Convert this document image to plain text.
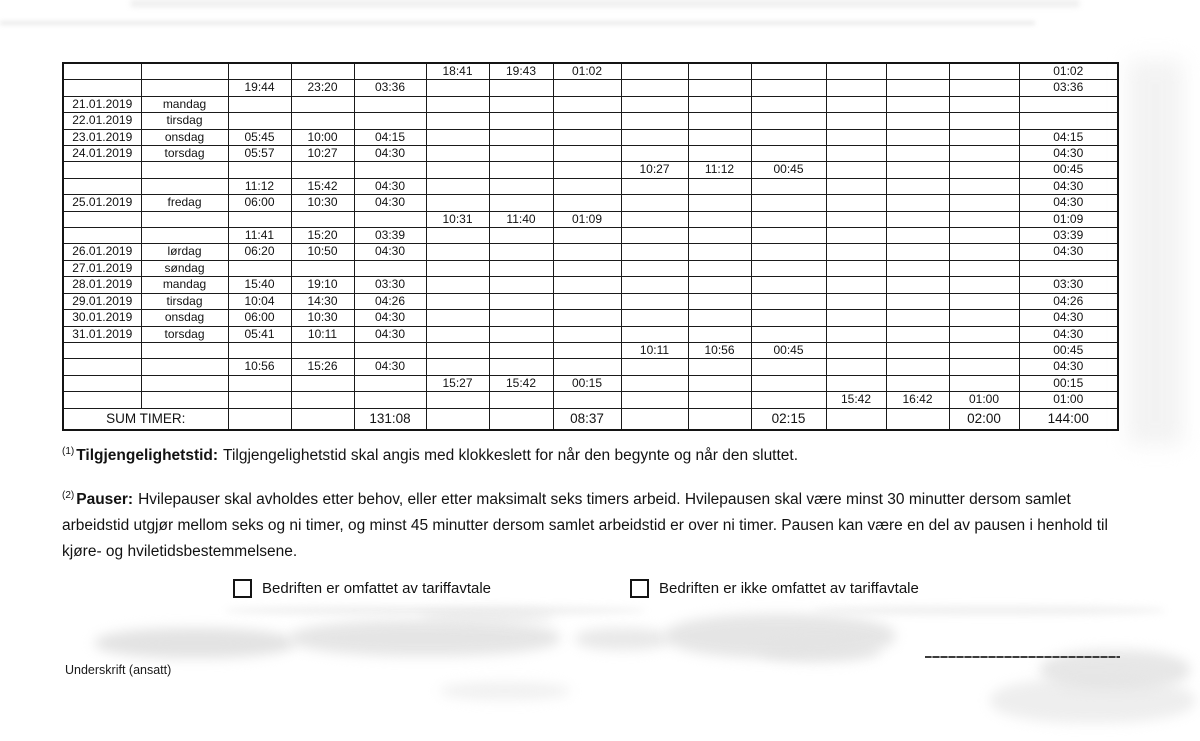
					18:41	19:43	01:02							01:02
		19:44	23:20	03:36										03:36
21.01.2019	mandag													
22.01.2019	tirsdag													
23.01.2019	onsdag	05:45	10:00	04:15										04:15
24.01.2019	torsdag	05:57	10:27	04:30										04:30
								10:27	11:12	00:45				00:45
		11:12	15:42	04:30										04:30
25.01.2019	fredag	06:00	10:30	04:30										04:30
					10:31	11:40	01:09							01:09
		11:41	15:20	03:39										03:39
26.01.2019	lørdag	06:20	10:50	04:30										04:30
27.01.2019	søndag													
28.01.2019	mandag	15:40	19:10	03:30										03:30
29.01.2019	tirsdag	10:04	14:30	04:26										04:26
30.01.2019	onsdag	06:00	10:30	04:30										04:30
31.01.2019	torsdag	05:41	10:11	04:30										04:30
								10:11	10:56	00:45				00:45
		10:56	15:26	04:30										04:30
					15:27	15:42	00:15							00:15
											15:42	16:42	01:00	01:00
SUM TIMER:				131:08			08:37			02:15			02:00	144:00
$^{(1)}$ Tilgjengelighetstid: Tilgjengelighetstid skal angis med klokkeslett for når den begynte og når den sluttet.
$^{(2)}$ Pauser: Hvilepauser skal avholdes etter behov, eller etter maksimalt seks timers arbeid. Hvilepausen skal være minst 30 minutter dersom samlet arbeidstid utgjør mellom seks og ni timer, og minst 45 minutter dersom samlet arbeidstid er over ni timer. Pausen kan være en del av pausen i henhold til kjøre- og hviletidsbestemmelsene.
Bedriften er omfattet av tariffavtale	Bedriften er ikke omfattet av tariffavtale
Underskrift (ansatt)
